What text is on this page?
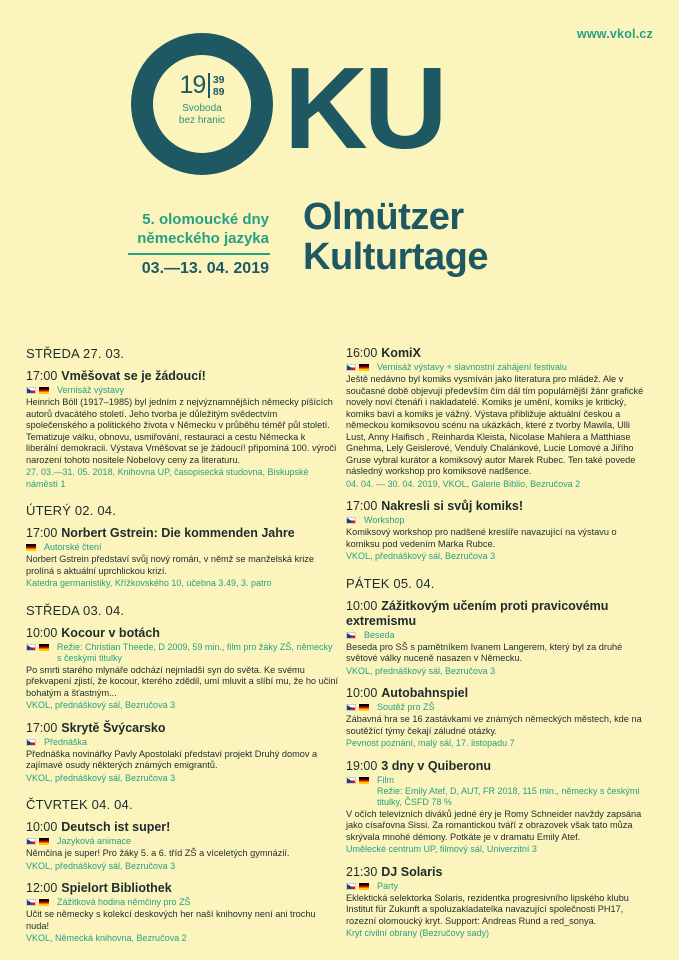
www.vkol.cz
19 39
89
Svoboda
bez hranic KU
5. olomoucké dny
německého jazyka
03.—13. 04. 2019
Olmützer
Kulturtage
STŘEDA 27. 03.
17:00 Vměšovat se je žádoucí!
Vernisáž výstavy
Heinrich Böll (1917–1985) byl jedním z nejvýznamnějších německy píšících autorů dvacátého století. Jeho tvorba je důležitým svědectvím společenského a politického života v Německu v průběhu téměř půl století. Tematizuje válku, obnovu, usmiřování, restauraci a cestu Německa k liberální demokracii. Výstava Vměšovat se je žádoucí! připomíná 100. výročí narození tohoto nositele Nobelovy ceny za literaturu.
27. 03.—31. 05. 2018, Knihovna UP, časopisecká studovna, Biskupské náměstí 1
ÚTERÝ 02. 04.
17:00 Norbert Gstrein: Die kommenden Jahre
Autorské čtení
Norbert Gstrein představí svůj nový román, v němž se manželská krize prolíná s aktuální uprchlickou krizí.
Katedra germanistiky, Křížkovského 10, učebna 3.49, 3. patro
STŘEDA 03. 04.
10:00 Kocour v botách
Režie: Christian Theede, D 2009, 59 min., film pro žáky ZŠ, německy s českými titulky
Po smrti starého mlynáře odchází nejmladší syn do světa. Ke svému překvapení zjistí, že kocour, kterého zdědil, umí mluvit a slíbí mu, že ho učiní bohatým a šťastným...
VKOL, přednáškový sál, Bezručova 3
17:00 Skrytě Švýcarsko
Přednáška
Přednáška novinářky Pavly Apostolakí představí projekt Druhý domov a zajímavé osudy některých známých emigrantů.
VKOL, přednáškový sál, Bezručova 3
ČTVRTEK 04. 04.
10:00 Deutsch ist super!
Jazyková animace
Němčina je super! Pro žáky 5. a 6. tříd ZŠ a víceletých gymnázií.
VKOL, přednáškový sál, Bezručova 3
12:00 Spielort Bibliothek
Zážitková hodina němčiny pro ZŠ
Učit se německy s kolekcí deskových her naší knihovny není ani trochu nuda!
VKOL, Německá knihovna, Bezručova 2
16:00 KomiX
Vernisáž výstavy + slavnostní zahájení festivalu
Ještě nedávno byl komiks vysmíván jako literatura pro mládež. Ale v současné době objevují především čím dál tím populárnější žánr grafické novely noví čtenáři i nakladatelé. Komiks je umění, komiks je kritický, komiks baví a komiks je vážný. Výstava přibližuje aktuální českou a německou komiksovou scénu na ukázkách, které z tvorby Mawila, Ulli Lust, Anny Haifisch , Reinharda Kleista, Nicolase Mahlera a Matthiase Gnehma, Lely Geislerové, Venduly Chalánkové, Lucie Lomové a Jiřího Gruse vybral kurátor a komiksový autor Marek Rubec. Ten také povede následný workshop pro komiksové nadšence.
04. 04. — 30. 04. 2019, VKOL, Galerie Biblio, Bezručova 2
17:00 Nakresli si svůj komiks!
Workshop
Komiksový workshop pro nadšené kreslíře navazující na výstavu o komiksu pod vedením Marka Rubce.
VKOL, přednáškový sál, Bezručova 3
PÁTEK 05. 04.
10:00 Zážitkovým učením proti pravicovému extremismu
Beseda
Beseda pro SŠ s pamětníkem Ivanem Langerem, který byl za druhé světové války nuceně nasazen v Německu.
VKOL, přednáškový sál, Bezručova 3
10:00 Autobahnspiel
Soutěž pro ZŠ
Zábavná hra se 16 zastávkami ve známých německých městech, kde na soutěžící týmy čekají záludné otázky.
Pevnost poznání, malý sál, 17. listopadu 7
19:00 3 dny v Quiberonu
Film
Režie: Emily Atef, D, AUT, FR 2018, 115 min., německy s českými titulky, ČSFD 78 %
V očích televizních diváků jedné éry je Romy Schneider navždy zapsána jako císařovna Sissi. Za romantickou tváří z obrazovek však tato můza skrývala mnohé démony. Potkáte je v dramatu Emily Atef.
Umělecké centrum UP, filmový sál, Univerzitní 3
21:30 DJ Solaris
Party
Eklektická selektorka Solaris, rezidentka progresivního lipského klubu Institut für Zukunft a spoluzakladatelka navazující společnosti PH17, rozezní olomoucký kryt. Support: Andreas Rund a red_sonya.
Kryt civilní obrany (Bezručovy sady)
